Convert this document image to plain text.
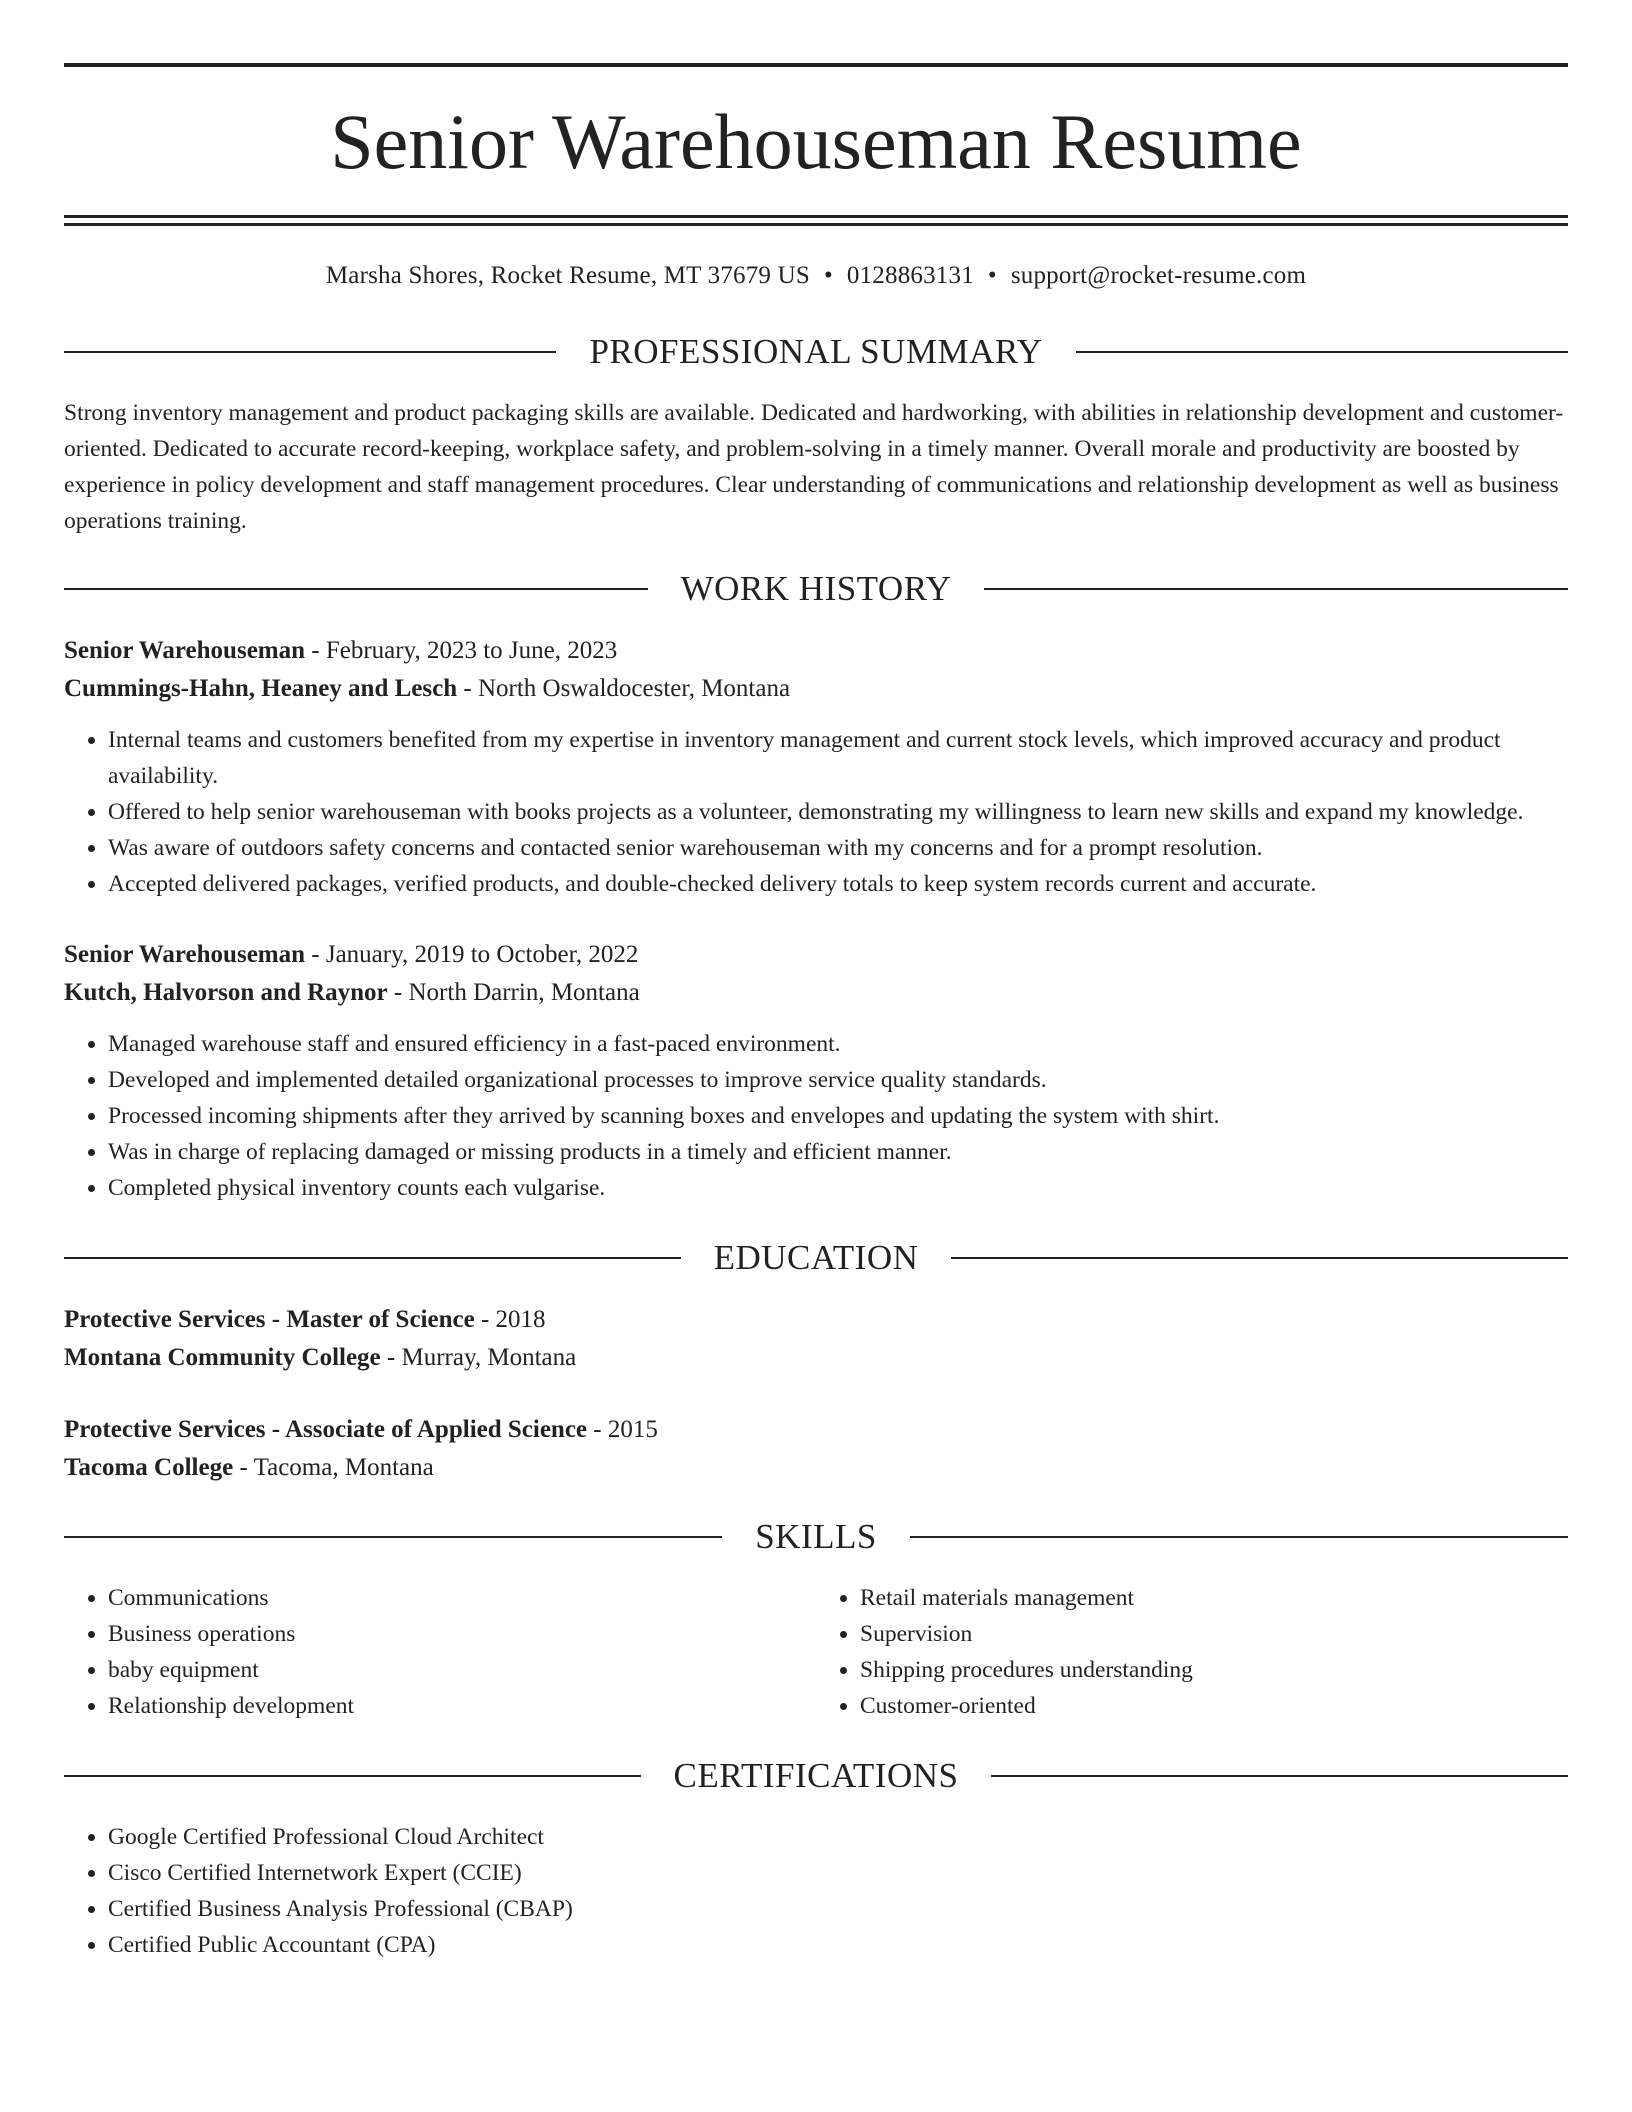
Senior Warehouseman Resume
Marsha Shores, Rocket Resume, MT 37679 US • 0128863131 • support@rocket-resume.com
PROFESSIONAL SUMMARY
Strong inventory management and product packaging skills are available. Dedicated and hardworking, with abilities in relationship development and customer-oriented. Dedicated to accurate record-keeping, workplace safety, and problem-solving in a timely manner. Overall morale and productivity are boosted by experience in policy development and staff management procedures. Clear understanding of communications and relationship development as well as business operations training.
WORK HISTORY
Senior Warehouseman - February, 2023 to June, 2023
Cummings-Hahn, Heaney and Lesch - North Oswaldocester, Montana
• Internal teams and customers benefited from my expertise in inventory management and current stock levels, which improved accuracy and product availability.
• Offered to help senior warehouseman with books projects as a volunteer, demonstrating my willingness to learn new skills and expand my knowledge.
• Was aware of outdoors safety concerns and contacted senior warehouseman with my concerns and for a prompt resolution.
• Accepted delivered packages, verified products, and double-checked delivery totals to keep system records current and accurate.
Senior Warehouseman - January, 2019 to October, 2022
Kutch, Halvorson and Raynor - North Darrin, Montana
• Managed warehouse staff and ensured efficiency in a fast-paced environment.
• Developed and implemented detailed organizational processes to improve service quality standards.
• Processed incoming shipments after they arrived by scanning boxes and envelopes and updating the system with shirt.
• Was in charge of replacing damaged or missing products in a timely and efficient manner.
• Completed physical inventory counts each vulgarise.
EDUCATION
Protective Services - Master of Science - 2018
Montana Community College - Murray, Montana
Protective Services - Associate of Applied Science - 2015
Tacoma College - Tacoma, Montana
SKILLS
• Communications
• Business operations
• baby equipment
• Relationship development
• Retail materials management
• Supervision
• Shipping procedures understanding
• Customer-oriented
CERTIFICATIONS
• Google Certified Professional Cloud Architect
• Cisco Certified Internetwork Expert (CCIE)
• Certified Business Analysis Professional (CBAP)
• Certified Public Accountant (CPA)
